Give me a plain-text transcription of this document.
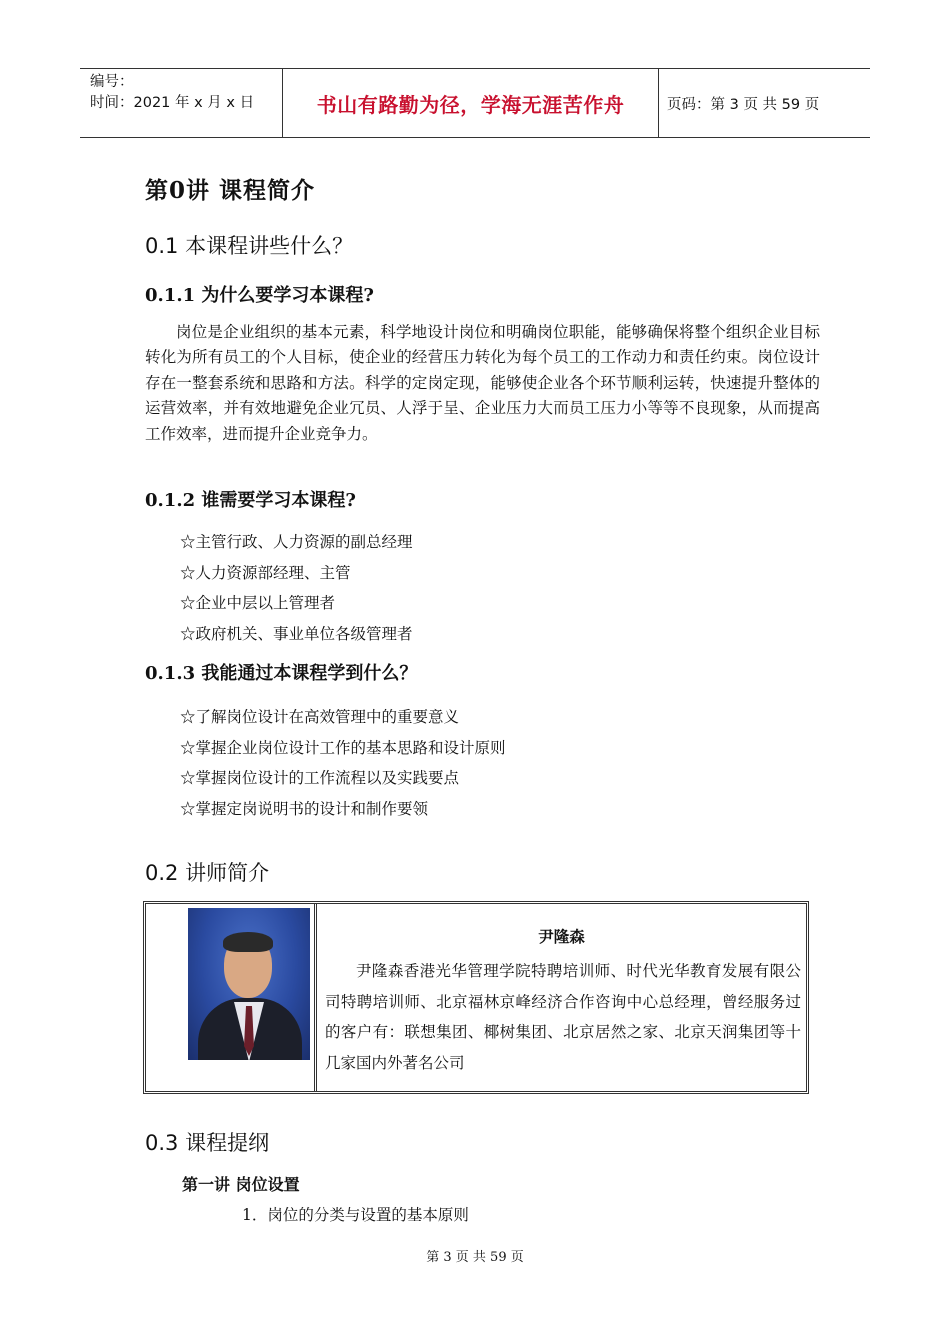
编号：
时间：2021 年 x 月 x 日	书山有路勤为径，学海无涯苦作舟	页码：第 3 页 共 59 页
第0讲 课程简介
0.1 本课程讲些什么？
0.1.1 为什么要学习本课程?

岗位是企业组织的基本元素，科学地设计岗位和明确岗位职能，能够确保将整个组织企业目标转化为所有员工的个人目标，使企业的经营压力转化为每个员工的工作动力和责任约束。岗位设计存在一整套系统和思路和方法。科学的定岗定现，能够使企业各个环节顺利运转，快速提升整体的运营效率，并有效地避免企业冗员、人浮于呈、企业压力大而员工压力小等等不良现象，从而提高工作效率，进而提升企业竞争力。

0.1.2 谁需要学习本课程?
☆主管行政、人力资源的副总经理
☆人力资源部经理、主管
☆企业中层以上管理者
☆政府机关、事业单位各级管理者
0.1.3 我能通过本课程学到什么？
☆了解岗位设计在高效管理中的重要意义
☆掌握企业岗位设计工作的基本思路和设计原则
☆掌握岗位设计的工作流程以及实践要点
☆掌握定岗说明书的设计和制作要领
0.2 讲师简介
尹隆森

尹隆森香港光华管理学院特聘培训师、时代光华教育发展有限公司特聘培训师、北京福林京峰经济合作咨询中心总经理，曾经服务过的客户有：联想集团、椰树集团、北京居然之家、北京天润集团等十几家国内外著名公司

0.3 课程提纲
第一讲 岗位设置
1．岗位的分类与设置的基本原则
第 3 页 共 59 页
